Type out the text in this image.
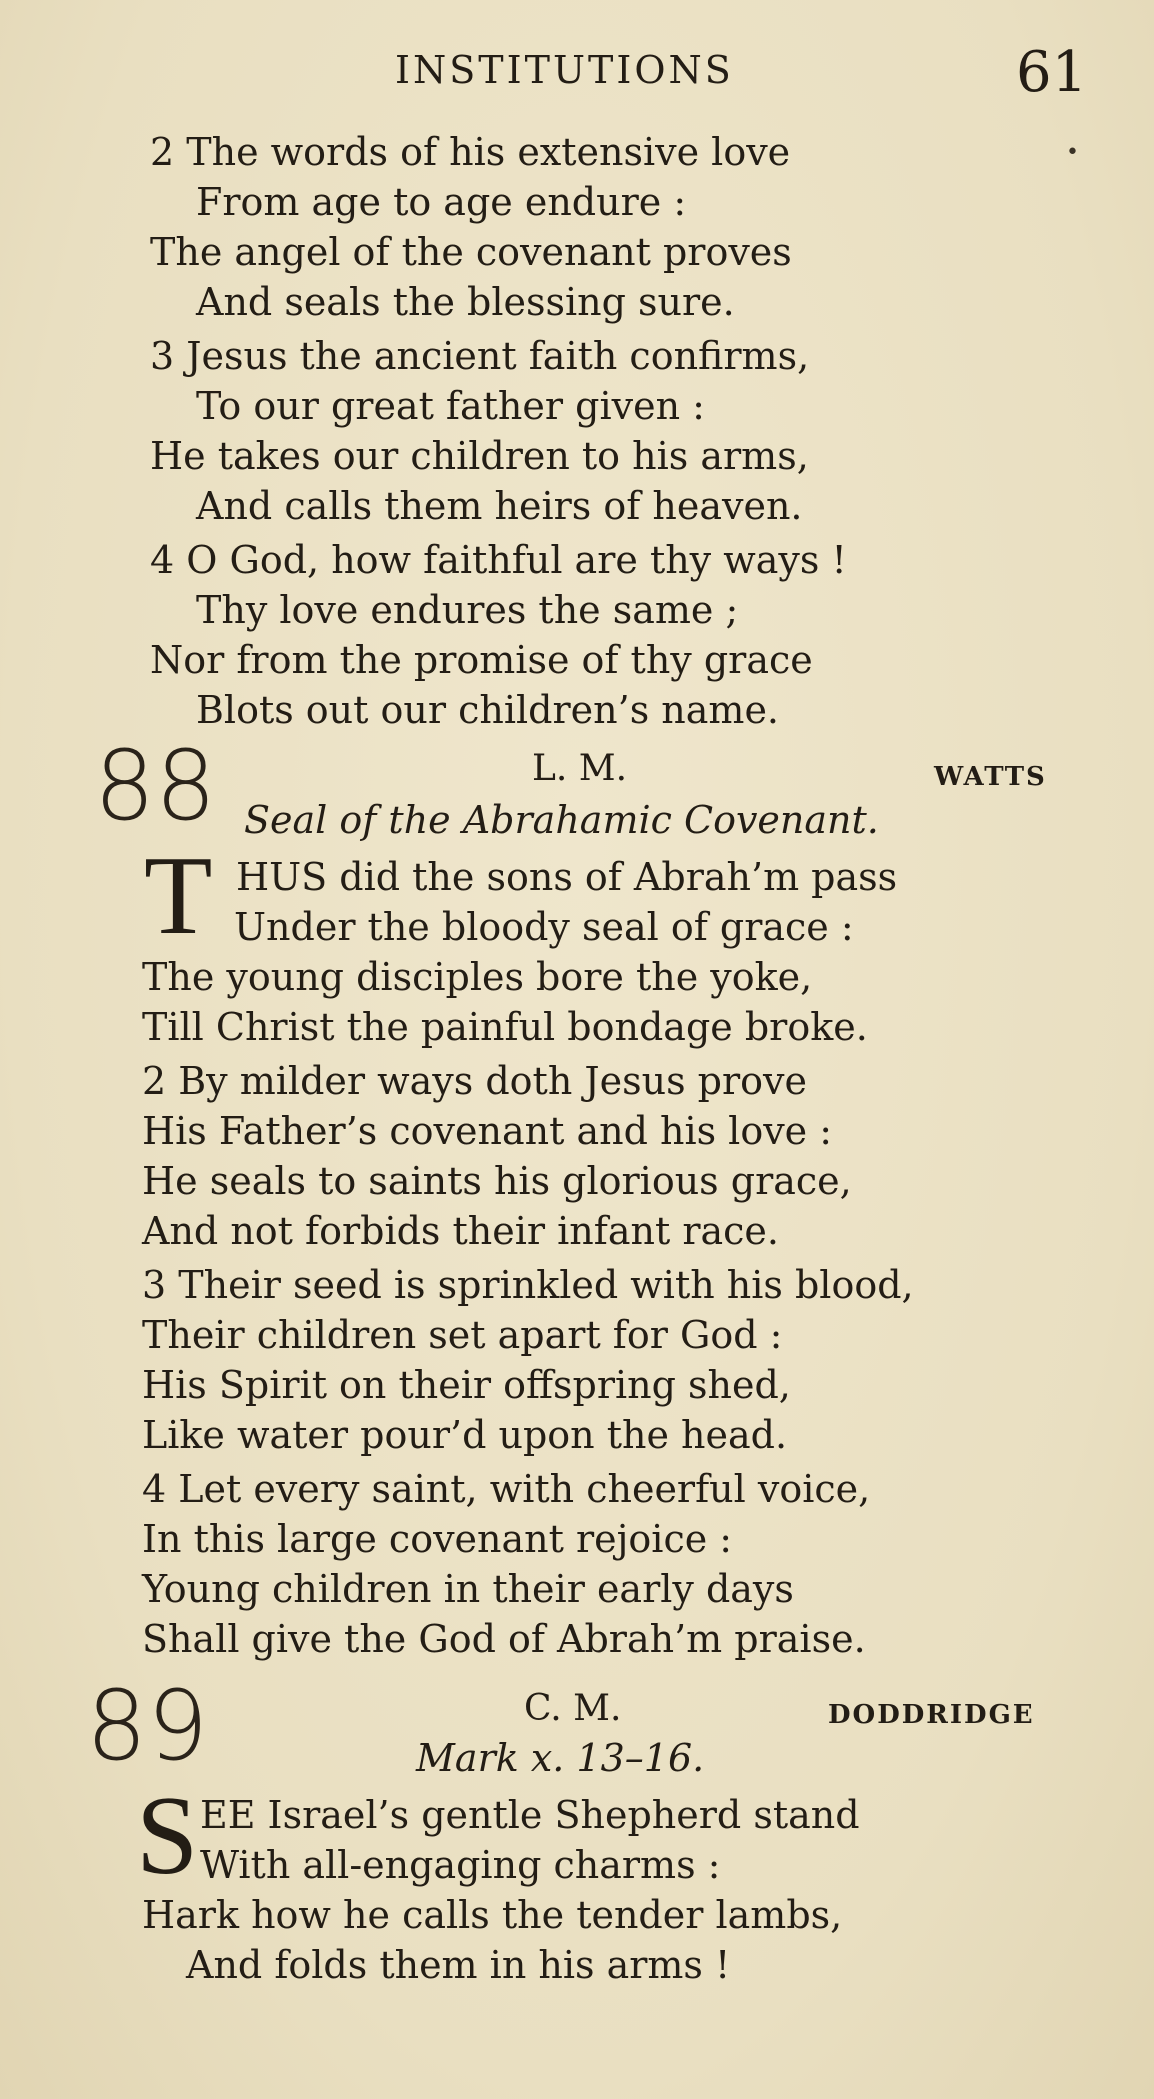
INSTITUTIONS	61
•
2 The words of his extensive love
From age to age endure :
The angel of the covenant proves
And seals the blessing sure.
3 Jesus the ancient faith confirms,
To our great father given :
He takes our children to his arms,
And calls them heirs of heaven.
4 O God, how faithful are thy ways !
Thy love endures the same ;
Nor from the promise of thy grace
Blots out our children’s name.
88	L. M.	WATTS
Seal of the Abrahamic Covenant.
T HUS did the sons of Abrah’m pass
Under the bloody seal of grace :
The young disciples bore the yoke,
Till Christ the painful bondage broke.
2 By milder ways doth Jesus prove
His Father’s covenant and his love :
He seals to saints his glorious grace,
And not forbids their infant race.
3 Their seed is sprinkled with his blood,
Their children set apart for God :
His Spirit on their offspring shed,
Like water pour’d upon the head.
4 Let every saint, with cheerful voice,
In this large covenant rejoice :
Young children in their early days
Shall give the God of Abrah’m praise.
89	C. M.	DODDRIDGE
Mark x. 13–16.
S EE Israel’s gentle Shepherd stand
With all-engaging charms :
Hark how he calls the tender lambs,
And folds them in his arms !
